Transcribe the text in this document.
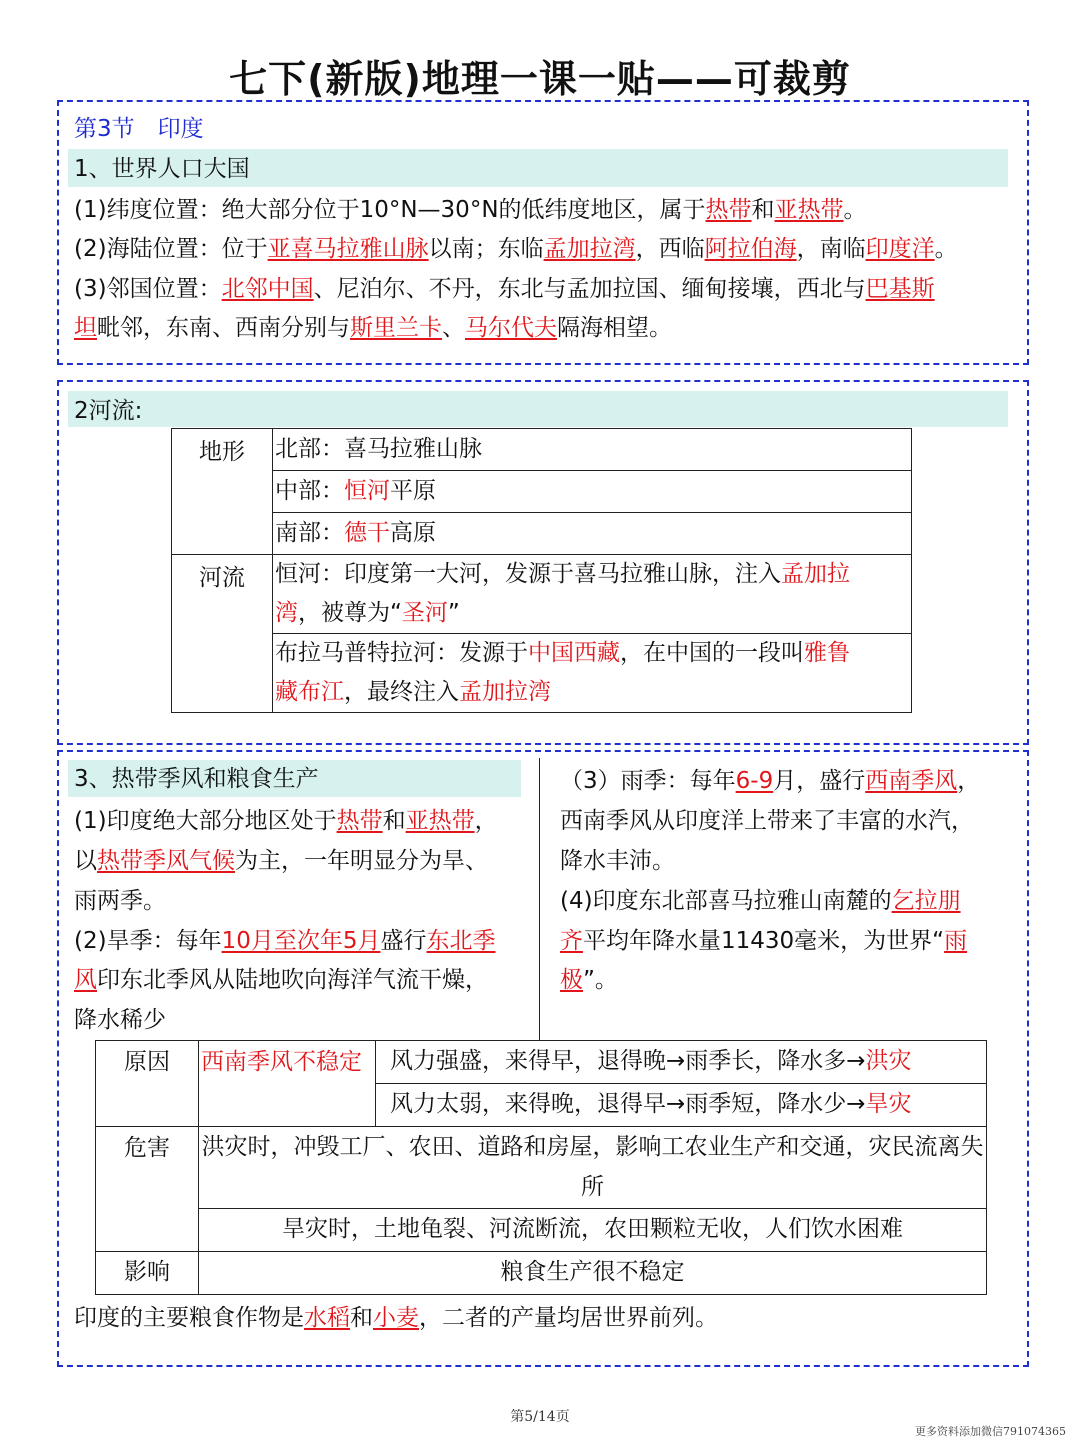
七下(新版)地理一课一贴——可裁剪
第3节　印度
1、世界人口大国
(1)纬度位置：绝大部分位于10°N—30°N的低纬度地区，属于热带和亚热带。
(2)海陆位置：位于亚喜马拉雅山脉以南；东临孟加拉湾，西临阿拉伯海，南临印度洋。
(3)邻国位置：北邻中国、尼泊尔、不丹，东北与孟加拉国、缅甸接壤，西北与巴基斯
坦毗邻，东南、西南分别与斯里兰卡、马尔代夫隔海相望。
2河流:
地形	北部：喜马拉雅山脉
	中部：恒河平原
	南部：德干高原
河流	恒河：印度第一大河，发源于喜马拉雅山脉，注入孟加拉
湾，被尊为“圣河”
	布拉马普特拉河：发源于中国西藏，在中国的一段叫雅鲁
藏布江，最终注入孟加拉湾
3、热带季风和粮食生产
(1)印度绝大部分地区处于热带和亚热带，
以热带季风气候为主，一年明显分为旱、
雨两季。
(2)旱季：每年10月至次年5月盛行东北季
风印东北季风从陆地吹向海洋气流干燥，
降水稀少
（3）雨季：每年6-9月，盛行西南季风，
西南季风从印度洋上带来了丰富的水汽，
降水丰沛。
(4)印度东北部喜马拉雅山南麓的乞拉朋
齐平均年降水量11430毫米，为世界“雨
极”。
原因	西南季风不稳定	风力强盛，来得早，退得晚→雨季长，降水多→洪灾
		风力太弱，来得晚，退得早→雨季短，降水少→旱灾
危害	洪灾时，冲毁工厂、农田、道路和房屋，影响工农业生产和交通，灾民流离失所	
	旱灾时，土地龟裂、河流断流，农田颗粒无收，人们饮水困难	
影响	粮食生产很不稳定	
印度的主要粮食作物是水稻和小麦，二者的产量均居世界前列。
第5/14页
更多资料添加微信791074365
